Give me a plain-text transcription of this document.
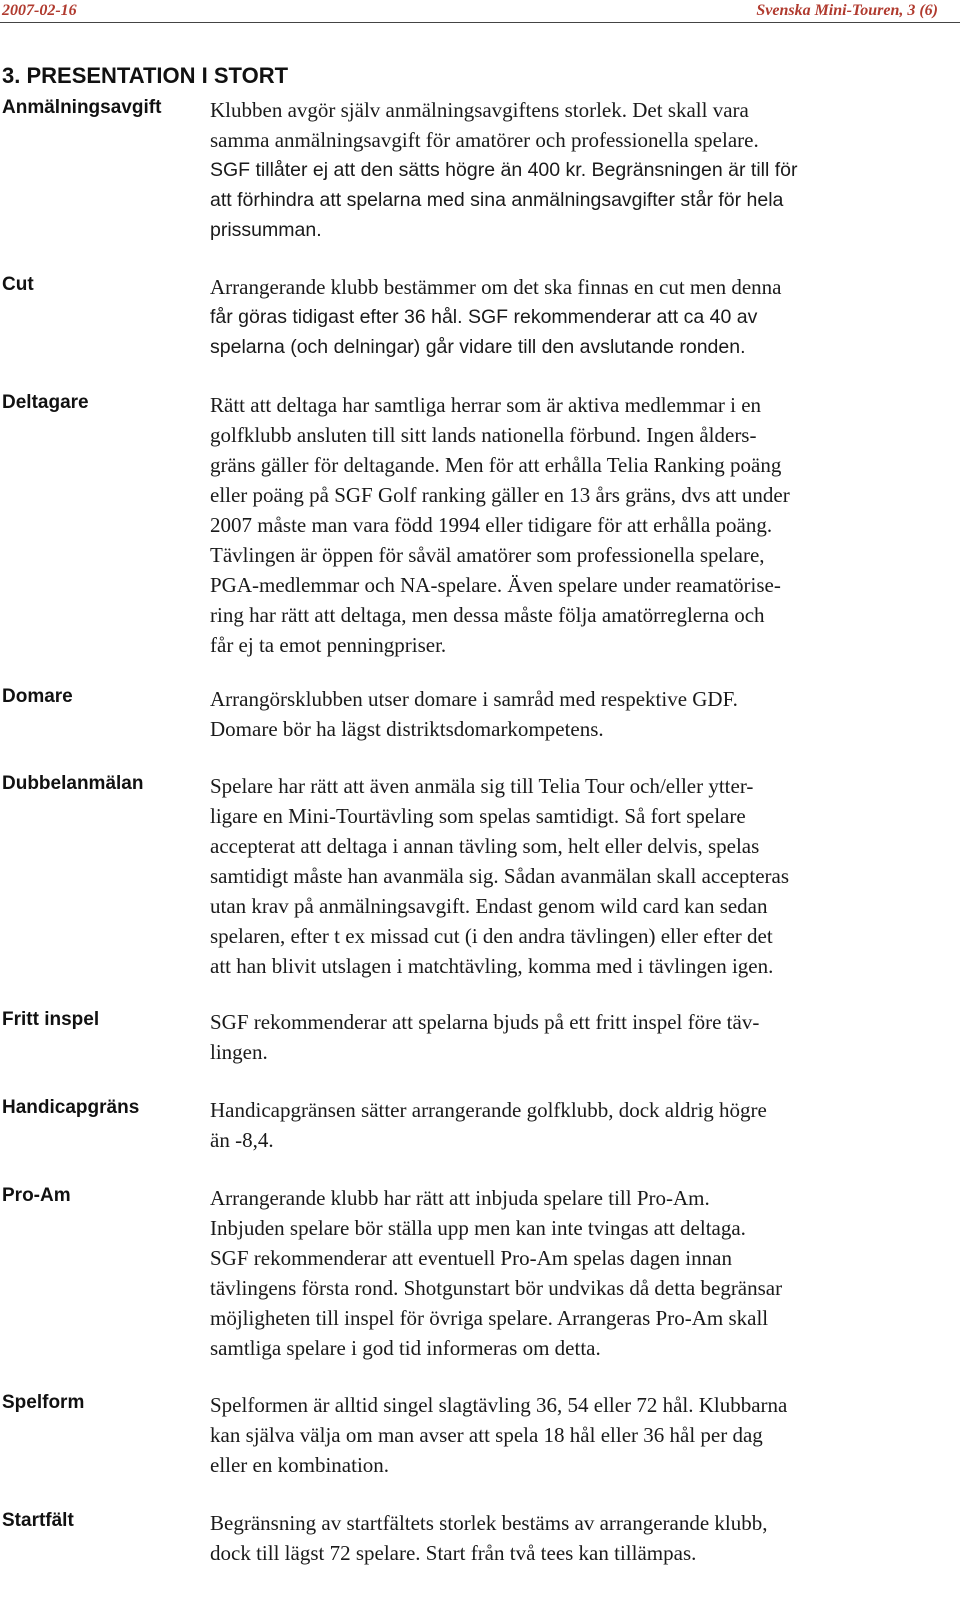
2007-02-16	Svenska Mini-Touren, 3 (6)
3. PRESENTATION I STORT
Anmälningsavgift Klubben avgör själv anmälningsavgiftens storlek. Det skall vara
samma anmälningsavgift för amatörer och professionella spelare.
SGF tillåter ej att den sätts högre än 400 kr. Begränsningen är till för
att förhindra att spelarna med sina anmälningsavgifter står för hela
prissumman.
Cut	Arrangerande klubb bestämmer om det ska finnas en cut men denna
får göras tidigast efter 36 hål. SGF rekommenderar att ca 40 av
spelarna (och delningar) går vidare till den avslutande ronden.
Deltagare	Rätt att deltaga har samtliga herrar som är aktiva medlemmar i en
golfklubb ansluten till sitt lands nationella förbund. Ingen ålders-
gräns gäller för deltagande. Men för att erhålla Telia Ranking poäng
eller poäng på SGF Golf ranking gäller en 13 års gräns, dvs att under
2007 måste man vara född 1994 eller tidigare för att erhålla poäng.
Tävlingen är öppen för såväl amatörer som professionella spelare,
PGA-medlemmar och NA-spelare. Även spelare under reamatörise-
ring har rätt att deltaga, men dessa måste följa amatörreglerna och
får ej ta emot penningpriser.
Domare	Arrangörsklubben utser domare i samråd med respektive GDF.
Domare bör ha lägst distriktsdomarkompetens.
Dubbelanmälan	Spelare har rätt att även anmäla sig till Telia Tour och/eller ytter-
ligare en Mini-Tourtävling som spelas samtidigt. Så fort spelare
accepterat att deltaga i annan tävling som, helt eller delvis, spelas
samtidigt måste han avanmäla sig. Sådan avanmälan skall accepteras
utan krav på anmälningsavgift. Endast genom wild card kan sedan
spelaren, efter t ex missad cut (i den andra tävlingen) eller efter det
att han blivit utslagen i matchtävling, komma med i tävlingen igen.
Fritt inspel	SGF rekommenderar att spelarna bjuds på ett fritt inspel före täv-
lingen.
Handicapgräns	Handicapgränsen sätter arrangerande golfklubb, dock aldrig högre
än -8,4.
Pro-Am	Arrangerande klubb har rätt att inbjuda spelare till Pro-Am.
Inbjuden spelare bör ställa upp men kan inte tvingas att deltaga.
SGF rekommenderar att eventuell Pro-Am spelas dagen innan
tävlingens första rond. Shotgunstart bör undvikas då detta begränsar
möjligheten till inspel för övriga spelare. Arrangeras Pro-Am skall
samtliga spelare i god tid informeras om detta.
Spelform	Spelformen är alltid singel slagtävling 36, 54 eller 72 hål. Klubbarna
kan själva välja om man avser att spela 18 hål eller 36 hål per dag
eller en kombination.
Startfält	Begränsning av startfältets storlek bestäms av arrangerande klubb,
dock till lägst 72 spelare. Start från två tees kan tillämpas.
